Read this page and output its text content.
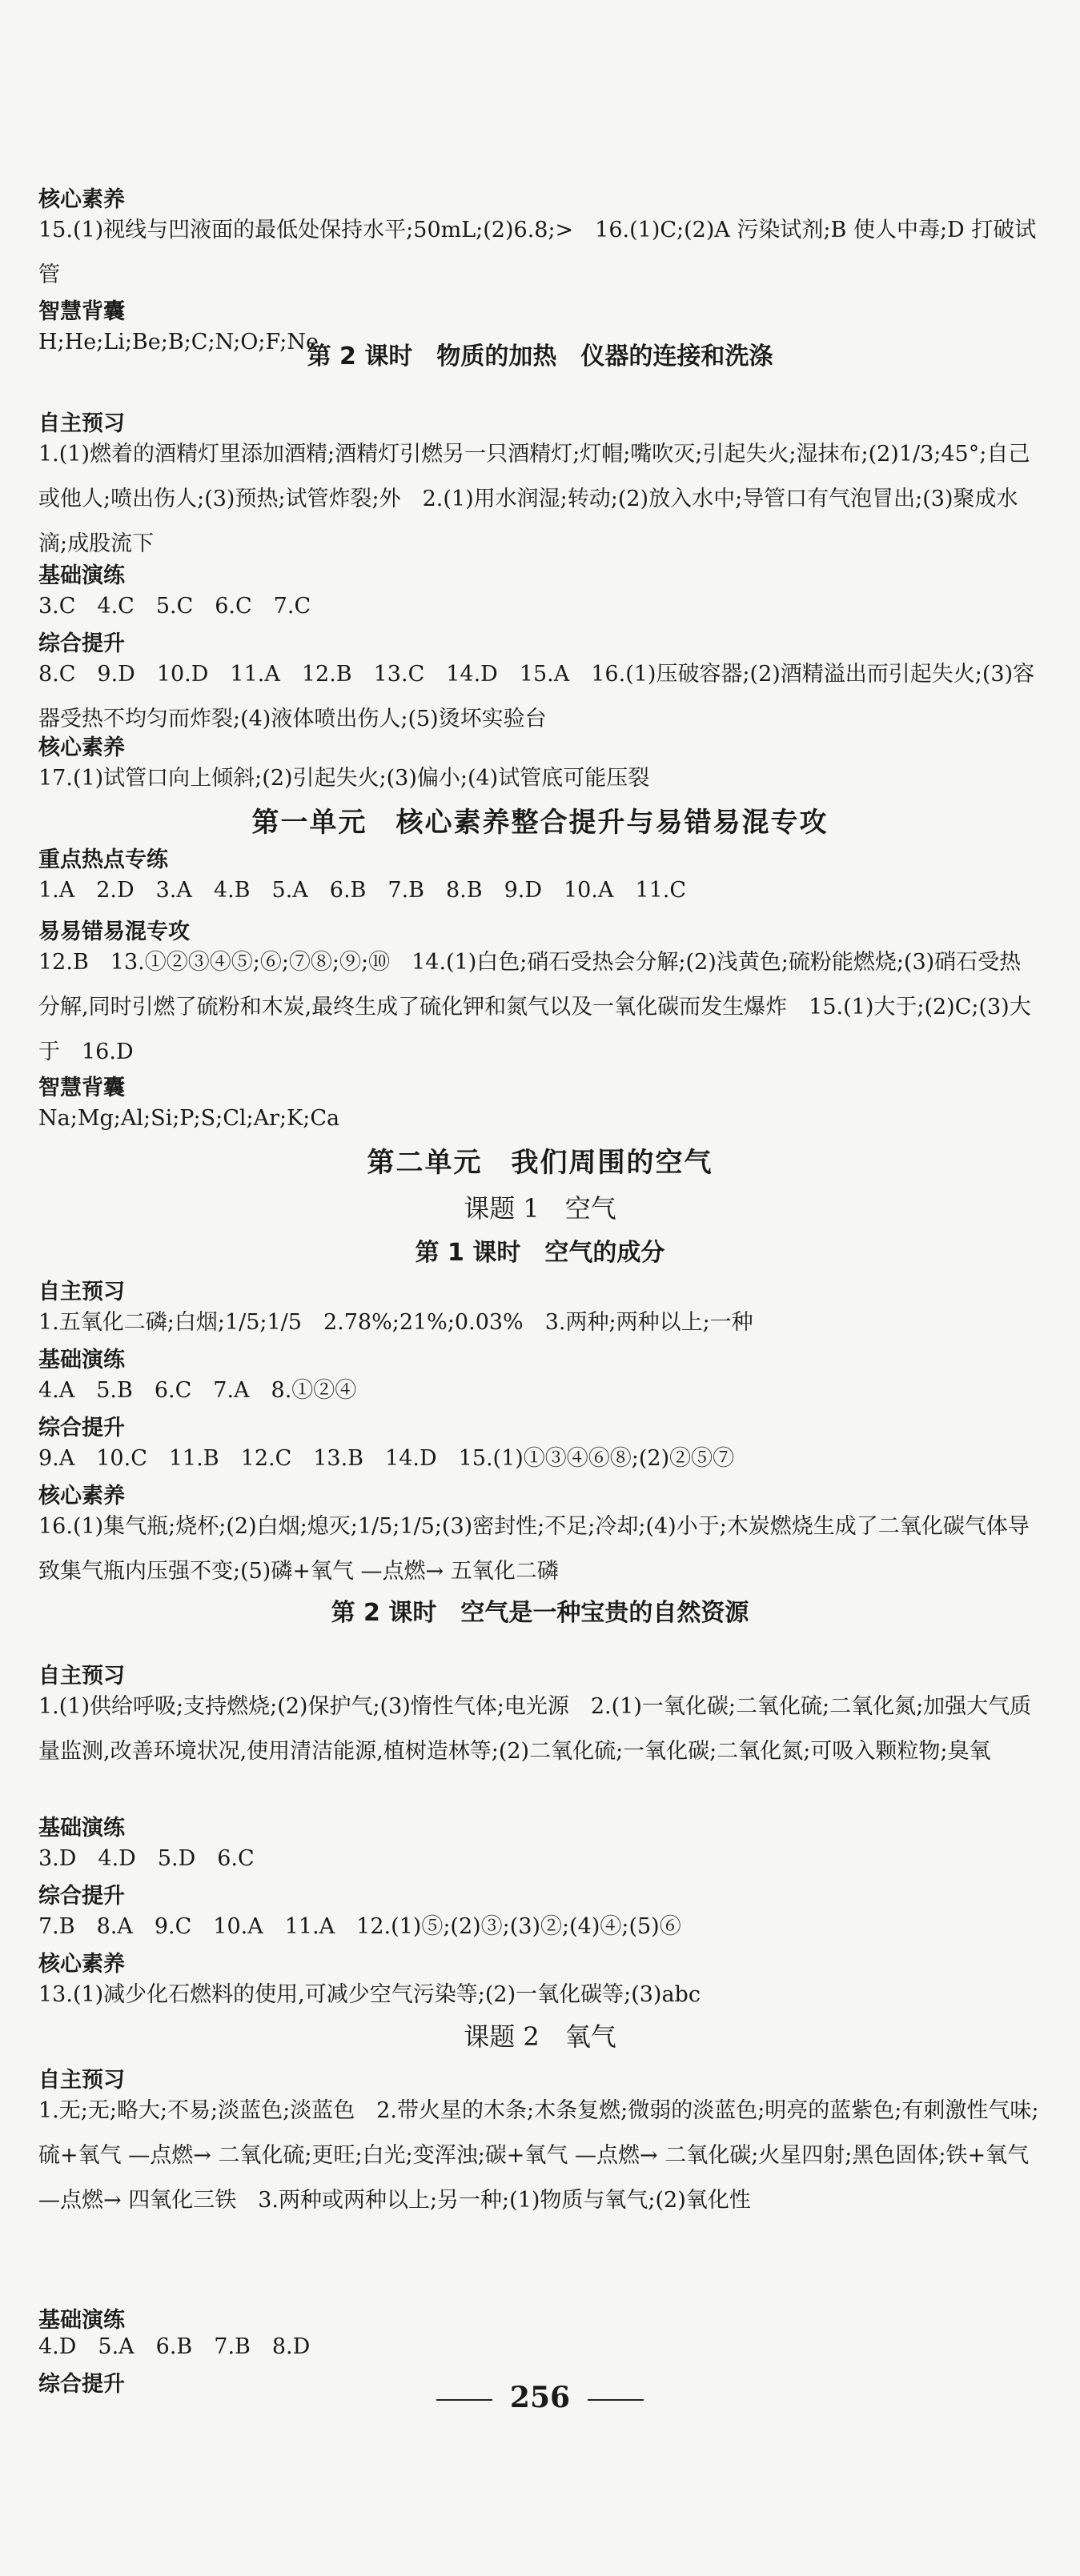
核心素养
15.(1)视线与凹液面的最低处保持水平;50mL;(2)6.8;>　16.(1)C;(2)A 污染试剂;B 使人中毒;D 打破试管
智慧背囊
H;He;Li;Be;B;C;N;O;F;Ne
第 2 课时　物质的加热　仪器的连接和洗涤
自主预习
1.(1)燃着的酒精灯里添加酒精;酒精灯引燃另一只酒精灯;灯帽;嘴吹灭;引起失火;湿抹布;(2)1/3;45°;自己或他人;喷出伤人;(3)预热;试管炸裂;外　2.(1)用水润湿;转动;(2)放入水中;导管口有气泡冒出;(3)聚成水滴;成股流下
基础演练
3.C　4.C　5.C　6.C　7.C
综合提升
8.C　9.D　10.D　11.A　12.B　13.C　14.D　15.A　16.(1)压破容器;(2)酒精溢出而引起失火;(3)容器受热不均匀而炸裂;(4)液体喷出伤人;(5)烫坏实验台
核心素养
17.(1)试管口向上倾斜;(2)引起失火;(3)偏小;(4)试管底可能压裂
第一单元　核心素养整合提升与易错易混专攻
重点热点专练
1.A　2.D　3.A　4.B　5.A　6.B　7.B　8.B　9.D　10.A　11.C
易易错易混专攻
12.B　13.①②③④⑤;⑥;⑦⑧;⑨;⑩　14.(1)白色;硝石受热会分解;(2)浅黄色;硫粉能燃烧;(3)硝石受热分解,同时引燃了硫粉和木炭,最终生成了硫化钾和氮气以及一氧化碳而发生爆炸　15.(1)大于;(2)C;(3)大于　16.D
智慧背囊
Na;Mg;Al;Si;P;S;Cl;Ar;K;Ca
第二单元　我们周围的空气
课题 1　空气
第 1 课时　空气的成分
自主预习
1.五氧化二磷;白烟;1/5;1/5　2.78%;21%;0.03%　3.两种;两种以上;一种
基础演练
4.A　5.B　6.C　7.A　8.①②④
综合提升
9.A　10.C　11.B　12.C　13.B　14.D　15.(1)①③④⑥⑧;(2)②⑤⑦
核心素养
16.(1)集气瓶;烧杯;(2)白烟;熄灭;1/5;1/5;(3)密封性;不足;冷却;(4)小于;木炭燃烧生成了二氧化碳气体导致集气瓶内压强不变;(5)磷+氧气 —点燃→ 五氧化二磷
第 2 课时　空气是一种宝贵的自然资源
自主预习
1.(1)供给呼吸;支持燃烧;(2)保护气;(3)惰性气体;电光源　2.(1)一氧化碳;二氧化硫;二氧化氮;加强大气质量监测,改善环境状况,使用清洁能源,植树造林等;(2)二氧化硫;一氧化碳;二氧化氮;可吸入颗粒物;臭氧
基础演练
3.D　4.D　5.D　6.C
综合提升
7.B　8.A　9.C　10.A　11.A　12.(1)⑤;(2)③;(3)②;(4)④;(5)⑥
核心素养
13.(1)减少化石燃料的使用,可减少空气污染等;(2)一氧化碳等;(3)abc
课题 2　氧气
自主预习
1.无;无;略大;不易;淡蓝色;淡蓝色　2.带火星的木条;木条复燃;微弱的淡蓝色;明亮的蓝紫色;有刺激性气味;硫+氧气 —点燃→ 二氧化硫;更旺;白光;变浑浊;碳+氧气 —点燃→ 二氧化碳;火星四射;黑色固体;铁+氧气 —点燃→ 四氧化三铁　3.两种或两种以上;另一种;(1)物质与氧气;(2)氧化性
基础演练
4.D　5.A　6.B　7.B　8.D
综合提升	256
